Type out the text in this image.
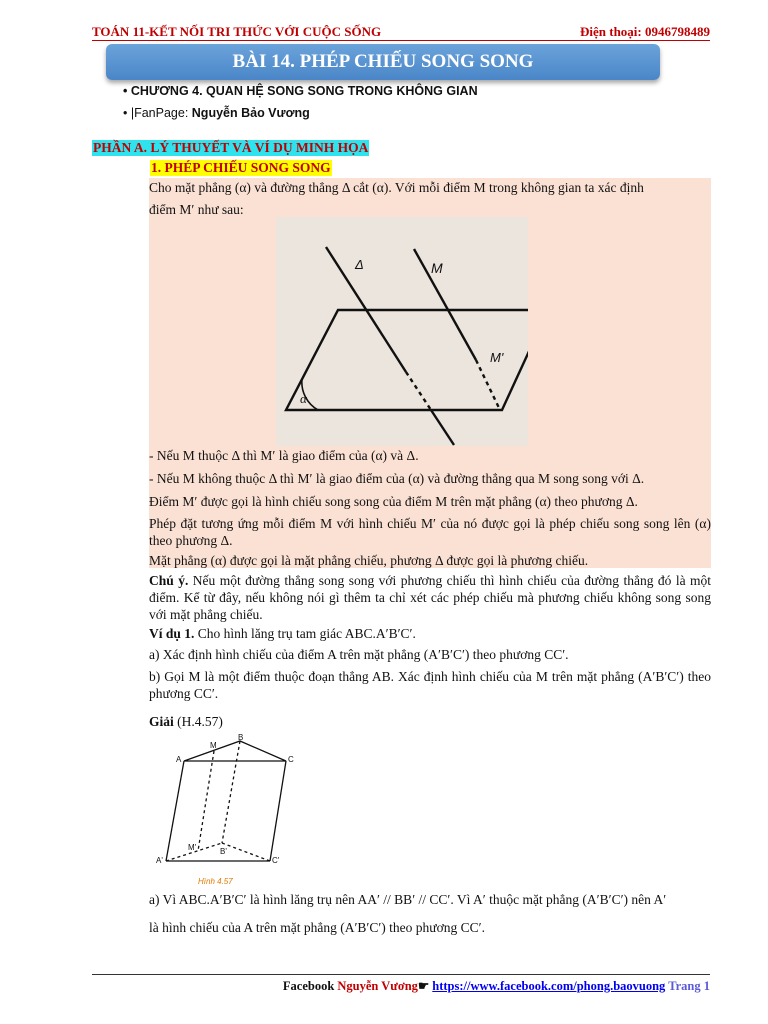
TOÁN 11-KẾT NỐI TRI THỨC VỚI CUỘC SỐNG	Điện thoại: 0946798489
BÀI 14. PHÉP CHIẾU SONG SONG
• CHƯƠNG 4. QUAN HỆ SONG SONG TRONG KHÔNG GIAN
• |FanPage: Nguyễn Bảo Vương
PHẦN A. LÝ THUYẾT VÀ VÍ DỤ MINH HỌA
1. PHÉP CHIẾU SONG SONG
Cho mặt phẳng (α) và đường thẳng Δ cắt (α). Với mỗi điểm M trong không gian ta xác định
điểm M′ như sau:
Δ	M
M'
α
- Nếu M thuộc Δ thì M′ là giao điểm của (α) và Δ.
- Nếu M không thuộc Δ thì M′ là giao điểm của (α) và đường thẳng qua M song song với Δ.
Điểm M′ được gọi là hình chiếu song song của điểm M trên mặt phẳng (α) theo phương Δ.
Phép đặt tương ứng mỗi điểm M với hình chiếu M′ của nó được gọi là phép chiếu song song lên (α) theo phương Δ.
Mặt phẳng (α) được gọi là mặt phẳng chiếu, phương Δ được gọi là phương chiếu.
Chú ý. Nếu một đường thẳng song song với phương chiếu thì hình chiếu của đường thẳng đó là một điểm. Kể từ đây, nếu không nói gì thêm ta chỉ xét các phép chiếu mà phương chiếu không song song với mặt phẳng chiếu.
Ví dụ 1. Cho hình lăng trụ tam giác ABC.A′B′C′.
a) Xác định hình chiếu của điểm A trên mặt phẳng (A′B′C′) theo phương CC′.
b) Gọi M là một điểm thuộc đoạn thẳng AB. Xác định hình chiếu của M trên mặt phẳng (A′B′C′) theo phương CC′.
Giải (H.4.57)
A
M
B
C
M'	B'
A'	C'
Hình 4.57
a) Vì ABC.A′B′C′ là hình lăng trụ nên AA′ // BB′ // CC′. Vì A′ thuộc mặt phẳng (A′B′C′) nên A′
là hình chiếu của A trên mặt phẳng (A′B′C′) theo phương CC′.
Facebook Nguyễn Vương☛ https://www.facebook.com/phong.baovuong Trang 1
